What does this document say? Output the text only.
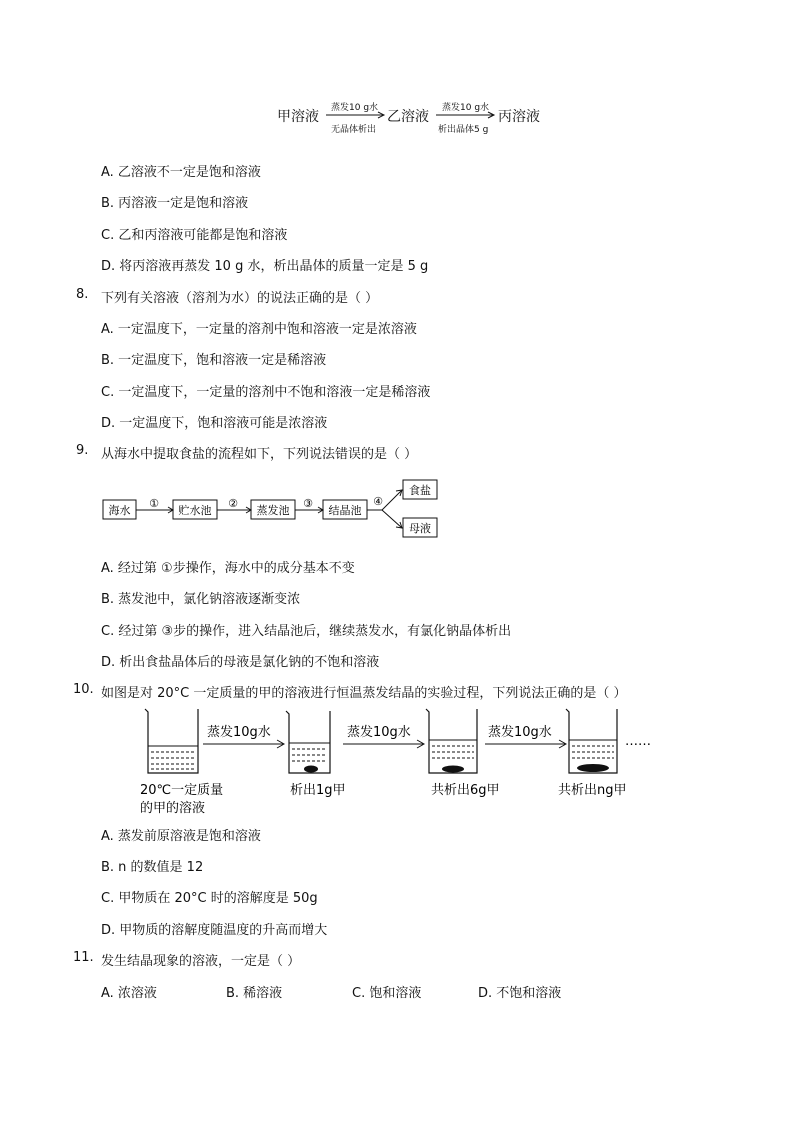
甲溶液
蒸发10 g水
无晶体析出
乙溶液
蒸发10 g水
析出晶体5 g
丙溶液
A. 乙溶液不一定是饱和溶液
B. 丙溶液一定是饱和溶液
C. 乙和丙溶液可能都是饱和溶液
D. 将丙溶液再蒸发 10 g 水，析出晶体的质量一定是 5 g
8. 下列有关溶液（溶剂为水）的说法正确的是（ ）
A. 一定温度下，一定量的溶剂中饱和溶液一定是浓溶液
B. 一定温度下，饱和溶液一定是稀溶液
C. 一定温度下，一定量的溶剂中不饱和溶液一定是稀溶液
D. 一定温度下，饱和溶液可能是浓溶液
9. 从海水中提取食盐的流程如下，下列说法错误的是（ ）
海水
①
贮水池
②
蒸发池
③
结晶池
④
食盐
母液
A. 经过第 ①步操作，海水中的成分基本不变
B. 蒸发池中，氯化钠溶液逐渐变浓
C. 经过第 ③步的操作，进入结晶池后，继续蒸发水，有氯化钠晶体析出
D. 析出食盐晶体后的母液是氯化钠的不饱和溶液
10. 如图是对 20°C 一定质量的甲的溶液进行恒温蒸发结晶的实验过程，下列说法正确的是（ ）
蒸发10g水	蒸发10g水	蒸发10g水
……
20℃一定质量
的甲的溶液
析出1g甲	共析出6g甲	共析出ng甲
A. 蒸发前原溶液是饱和溶液
B. n 的数值是 12
C. 甲物质在 20°C 时的溶解度是 50g
D. 甲物质的溶解度随温度的升高而增大
11. 发生结晶现象的溶液，一定是（ ）
A. 浓溶液	B. 稀溶液	C. 饱和溶液	D. 不饱和溶液
